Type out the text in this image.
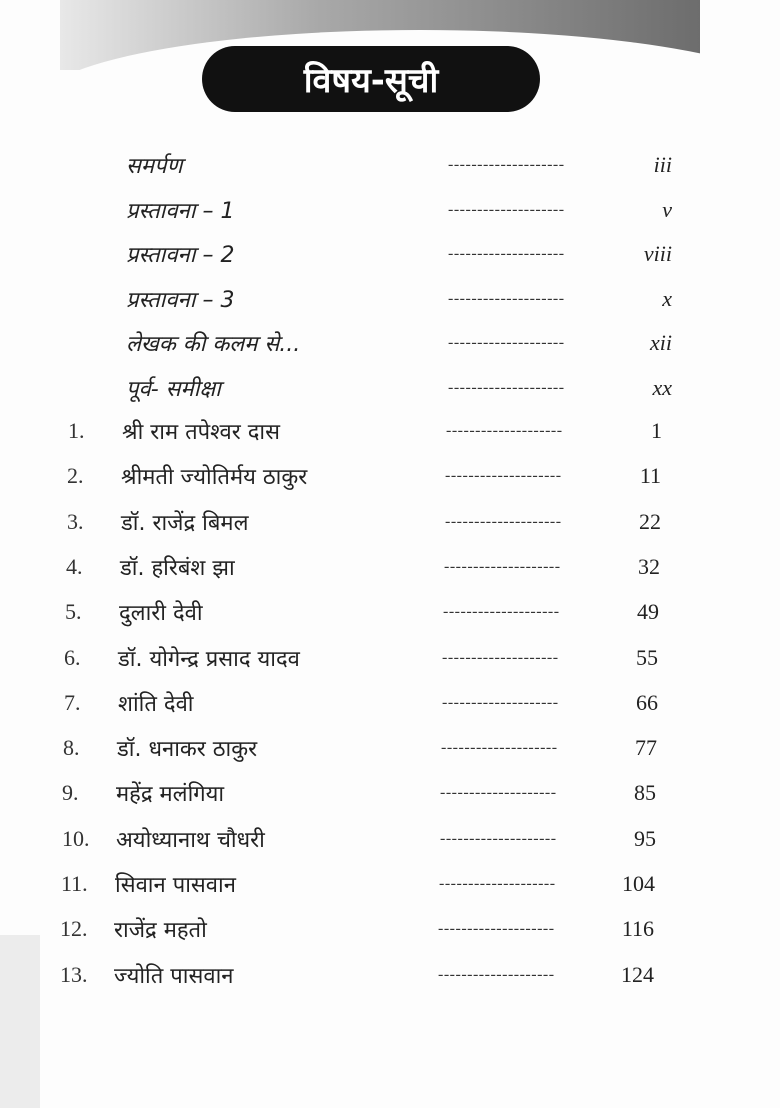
विषय-सूची
समर्पण	--------------------	iii
प्रस्तावना – 1	--------------------	v
प्रस्तावना – 2	--------------------	viii
प्रस्तावना – 3	--------------------	x
लेखक की कलम से...	--------------------	xii
पूर्व- समीक्षा	--------------------	xx
1. श्री राम तपेश्वर दास	--------------------	1
2. श्रीमती ज्योतिर्मय ठाकुर	--------------------	11
3. डॉ. राजेंद्र बिमल	--------------------	22
4. डॉ. हरिबंश झा	--------------------	32
5. दुलारी देवी	--------------------	49
6. डॉ. योगेन्द्र प्रसाद यादव	--------------------	55
7. शांति देवी	--------------------	66
8. डॉ. धनाकर ठाकुर	--------------------	77
9. महेंद्र मलंगिया	--------------------	85
10. अयोध्यानाथ चौधरी	--------------------	95
11. सिवान पासवान	--------------------	104
12. राजेंद्र महतो	--------------------	116
13. ज्योति पासवान	--------------------	124
